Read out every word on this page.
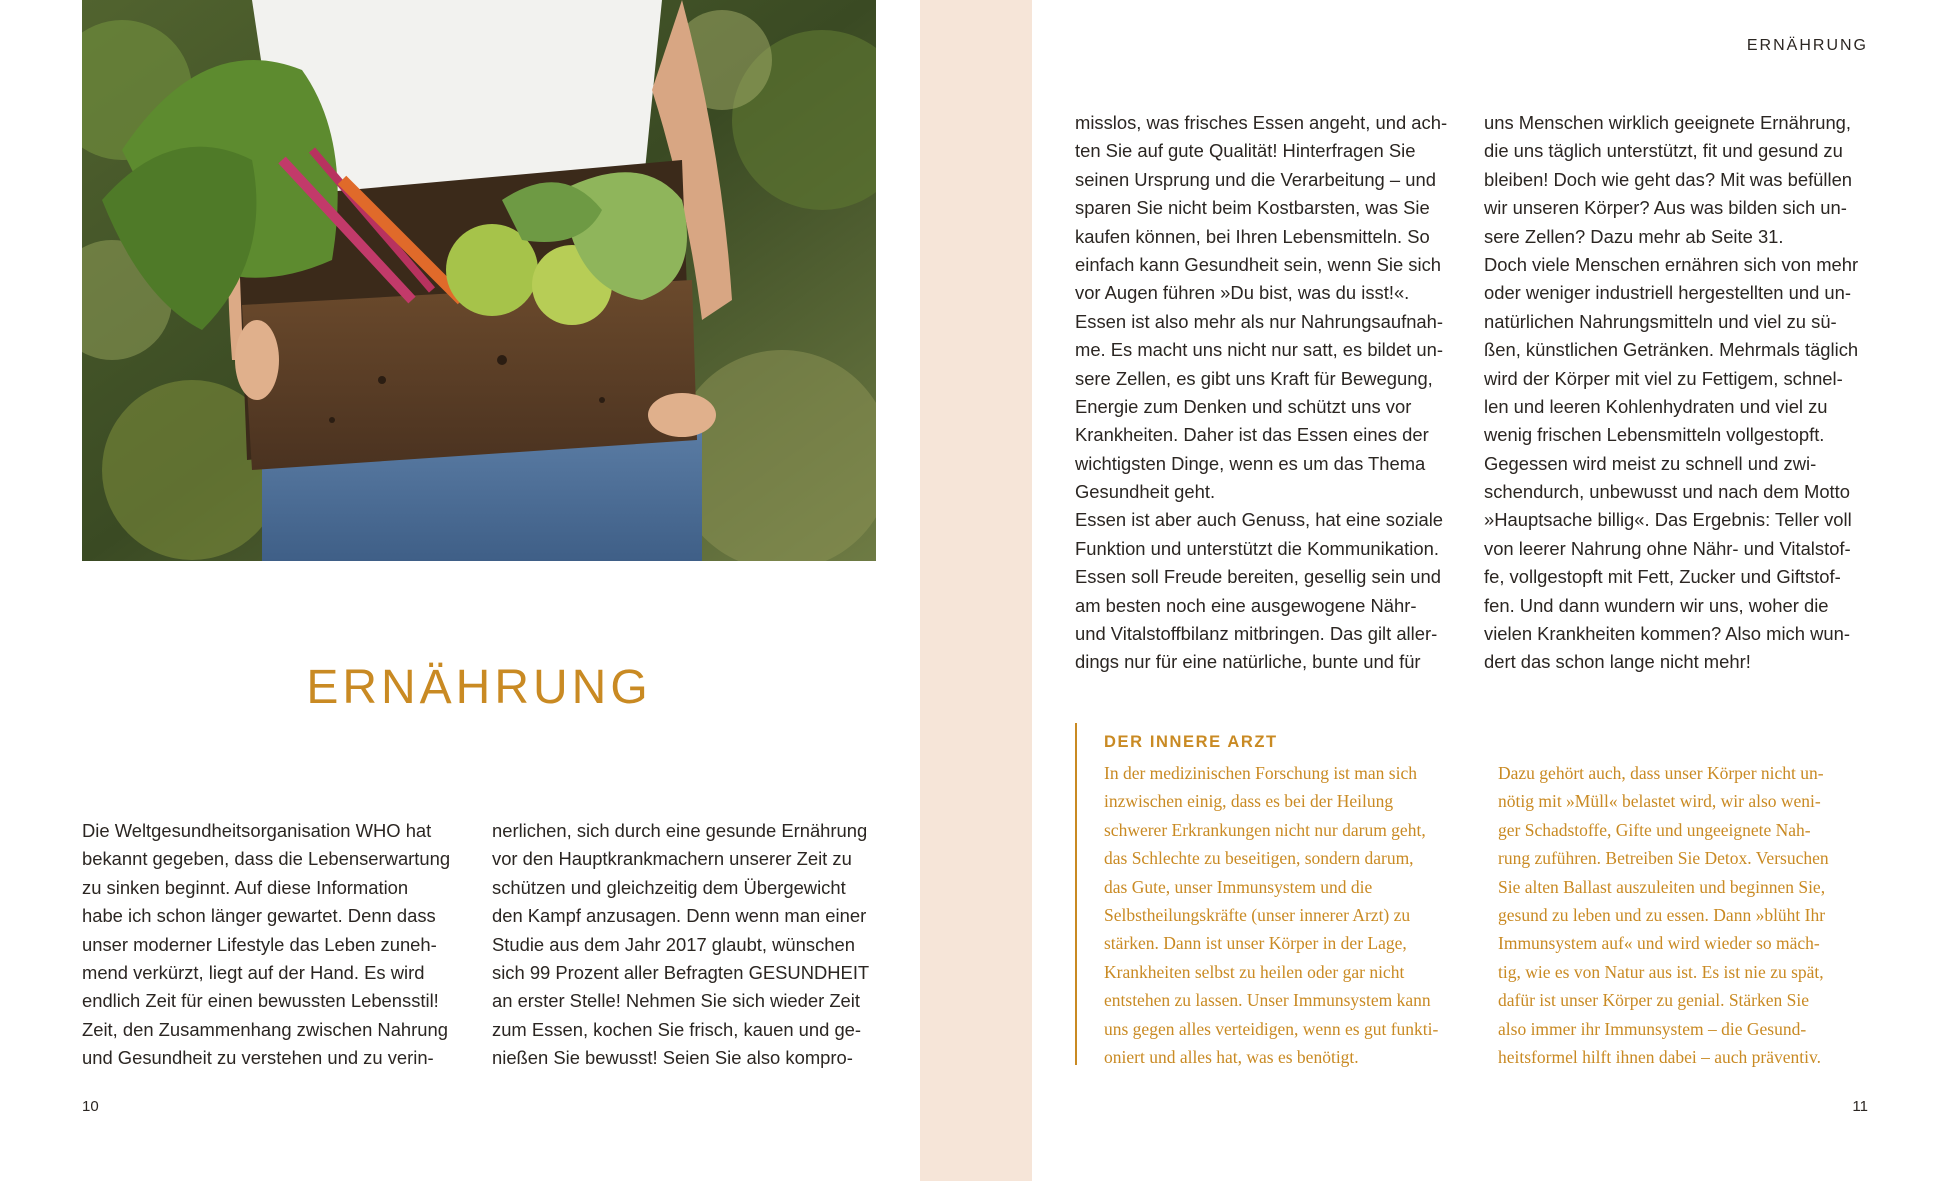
ERNÄHRUNG
Die Weltgesundheitsorganisation WHO hat
bekannt gegeben, dass die Lebenserwartung
zu sinken beginnt. Auf diese Information
habe ich schon länger gewartet. Denn dass
unser moderner Lifestyle das Leben zuneh-
mend verkürzt, liegt auf der Hand. Es wird
endlich Zeit für einen bewussten Lebensstil!
Zeit, den Zusammenhang zwischen Nahrung
und Gesundheit zu verstehen und zu verin-
nerlichen, sich durch eine gesunde Ernährung
vor den Hauptkrankmachern unserer Zeit zu
schützen und gleichzeitig dem Übergewicht
den Kampf anzusagen. Denn wenn man einer
Studie aus dem Jahr 2017 glaubt, wünschen
sich 99 Prozent aller Befragten GESUNDHEIT
an erster Stelle! Nehmen Sie sich wieder Zeit
zum Essen, kochen Sie frisch, kauen und ge-
nießen Sie bewusst! Seien Sie also kompro-
10
ERNÄHRUNG
misslos, was frisches Essen angeht, und ach-
ten Sie auf gute Qualität! Hinterfragen Sie
seinen Ursprung und die Verarbeitung – und
sparen Sie nicht beim Kostbarsten, was Sie
kaufen können, bei Ihren Lebensmitteln. So
einfach kann Gesundheit sein, wenn Sie sich
vor Augen führen »Du bist, was du isst!«.
Essen ist also mehr als nur Nahrungsaufnah-
me. Es macht uns nicht nur satt, es bildet un-
sere Zellen, es gibt uns Kraft für Bewegung,
Energie zum Denken und schützt uns vor
Krankheiten. Daher ist das Essen eines der
wichtigsten Dinge, wenn es um das Thema
Gesundheit geht.
Essen ist aber auch Genuss, hat eine soziale
Funktion und unterstützt die Kommunikation.
Essen soll Freude bereiten, gesellig sein und
am besten noch eine ausgewogene Nähr-
und Vitalstoffbilanz mitbringen. Das gilt aller-
dings nur für eine natürliche, bunte und für
uns Menschen wirklich geeignete Ernährung,
die uns täglich unterstützt, fit und gesund zu
bleiben! Doch wie geht das? Mit was befüllen
wir unseren Körper? Aus was bilden sich un-
sere Zellen? Dazu mehr ab Seite 31.
Doch viele Menschen ernähren sich von mehr
oder weniger industriell hergestellten und un-
natürlichen Nahrungsmitteln und viel zu sü-
ßen, künstlichen Getränken. Mehrmals täglich
wird der Körper mit viel zu Fettigem, schnel-
len und leeren Kohlenhydraten und viel zu
wenig frischen Lebensmitteln vollgestopft.
Gegessen wird meist zu schnell und zwi-
schendurch, unbewusst und nach dem Motto
»Hauptsache billig«. Das Ergebnis: Teller voll
von leerer Nahrung ohne Nähr- und Vitalstof-
fe, vollgestopft mit Fett, Zucker und Giftstof-
fen. Und dann wundern wir uns, woher die
vielen Krankheiten kommen? Also mich wun-
dert das schon lange nicht mehr!
DER INNERE ARZT
In der medizinischen Forschung ist man sich
inzwischen einig, dass es bei der Heilung
schwerer Erkrankungen nicht nur darum geht,
das Schlechte zu beseitigen, sondern darum,
das Gute, unser Immunsystem und die
Selbstheilungskräfte (unser innerer Arzt) zu
stärken. Dann ist unser Körper in der Lage,
Krankheiten selbst zu heilen oder gar nicht
entstehen zu lassen. Unser Immunsystem kann
uns gegen alles verteidigen, wenn es gut funkti-
oniert und alles hat, was es benötigt.
Dazu gehört auch, dass unser Körper nicht un-
nötig mit »Müll« belastet wird, wir also weni-
ger Schadstoffe, Gifte und ungeeignete Nah-
rung zuführen. Betreiben Sie Detox. Versuchen
Sie alten Ballast auszuleiten und beginnen Sie,
gesund zu leben und zu essen. Dann »blüht Ihr
Immunsystem auf« und wird wieder so mäch-
tig, wie es von Natur aus ist. Es ist nie zu spät,
dafür ist unser Körper zu genial. Stärken Sie
also immer ihr Immunsystem – die Gesund-
heitsformel hilft ihnen dabei – auch präventiv.
11
